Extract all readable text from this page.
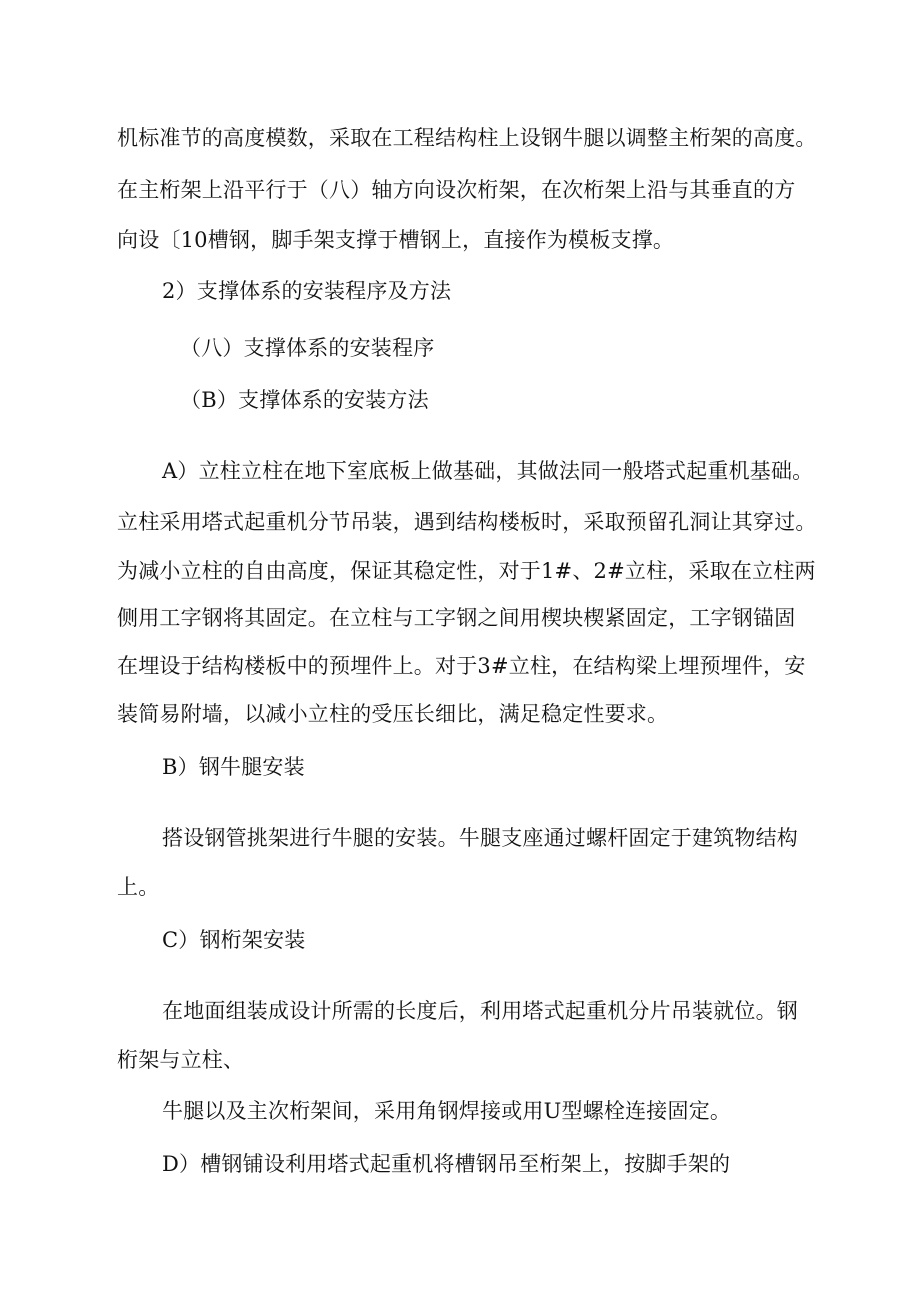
机标准节的高度模数，采取在工程结构柱上设钢牛腿以调整主桁架的高度。
在主桁架上沿平行于（八）轴方向设次桁架，在次桁架上沿与其垂直的方
向设〔10槽钢，脚手架支撑于槽钢上，直接作为模板支撑。
2）支撑体系的安装程序及方法
（八）支撑体系的安装程序
（B）支撑体系的安装方法
A）立柱立柱在地下室底板上做基础，其做法同一般塔式起重机基础。
立柱采用塔式起重机分节吊装，遇到结构楼板时，采取预留孔洞让其穿过。
为减小立柱的自由高度，保证其稳定性，对于1#、2#立柱，采取在立柱两
侧用工字钢将其固定。在立柱与工字钢之间用楔块楔紧固定，工字钢锚固
在埋设于结构楼板中的预埋件上。对于3#立柱，在结构梁上埋预埋件，安
装简易附墙，以减小立柱的受压长细比，满足稳定性要求。
B）钢牛腿安装
搭设钢管挑架进行牛腿的安装。牛腿支座通过螺杆固定于建筑物结构
上。
C）钢桁架安装
在地面组装成设计所需的长度后，利用塔式起重机分片吊装就位。钢
桁架与立柱、
牛腿以及主次桁架间，采用角钢焊接或用U型螺栓连接固定。
D）槽钢铺设利用塔式起重机将槽钢吊至桁架上，按脚手架的
